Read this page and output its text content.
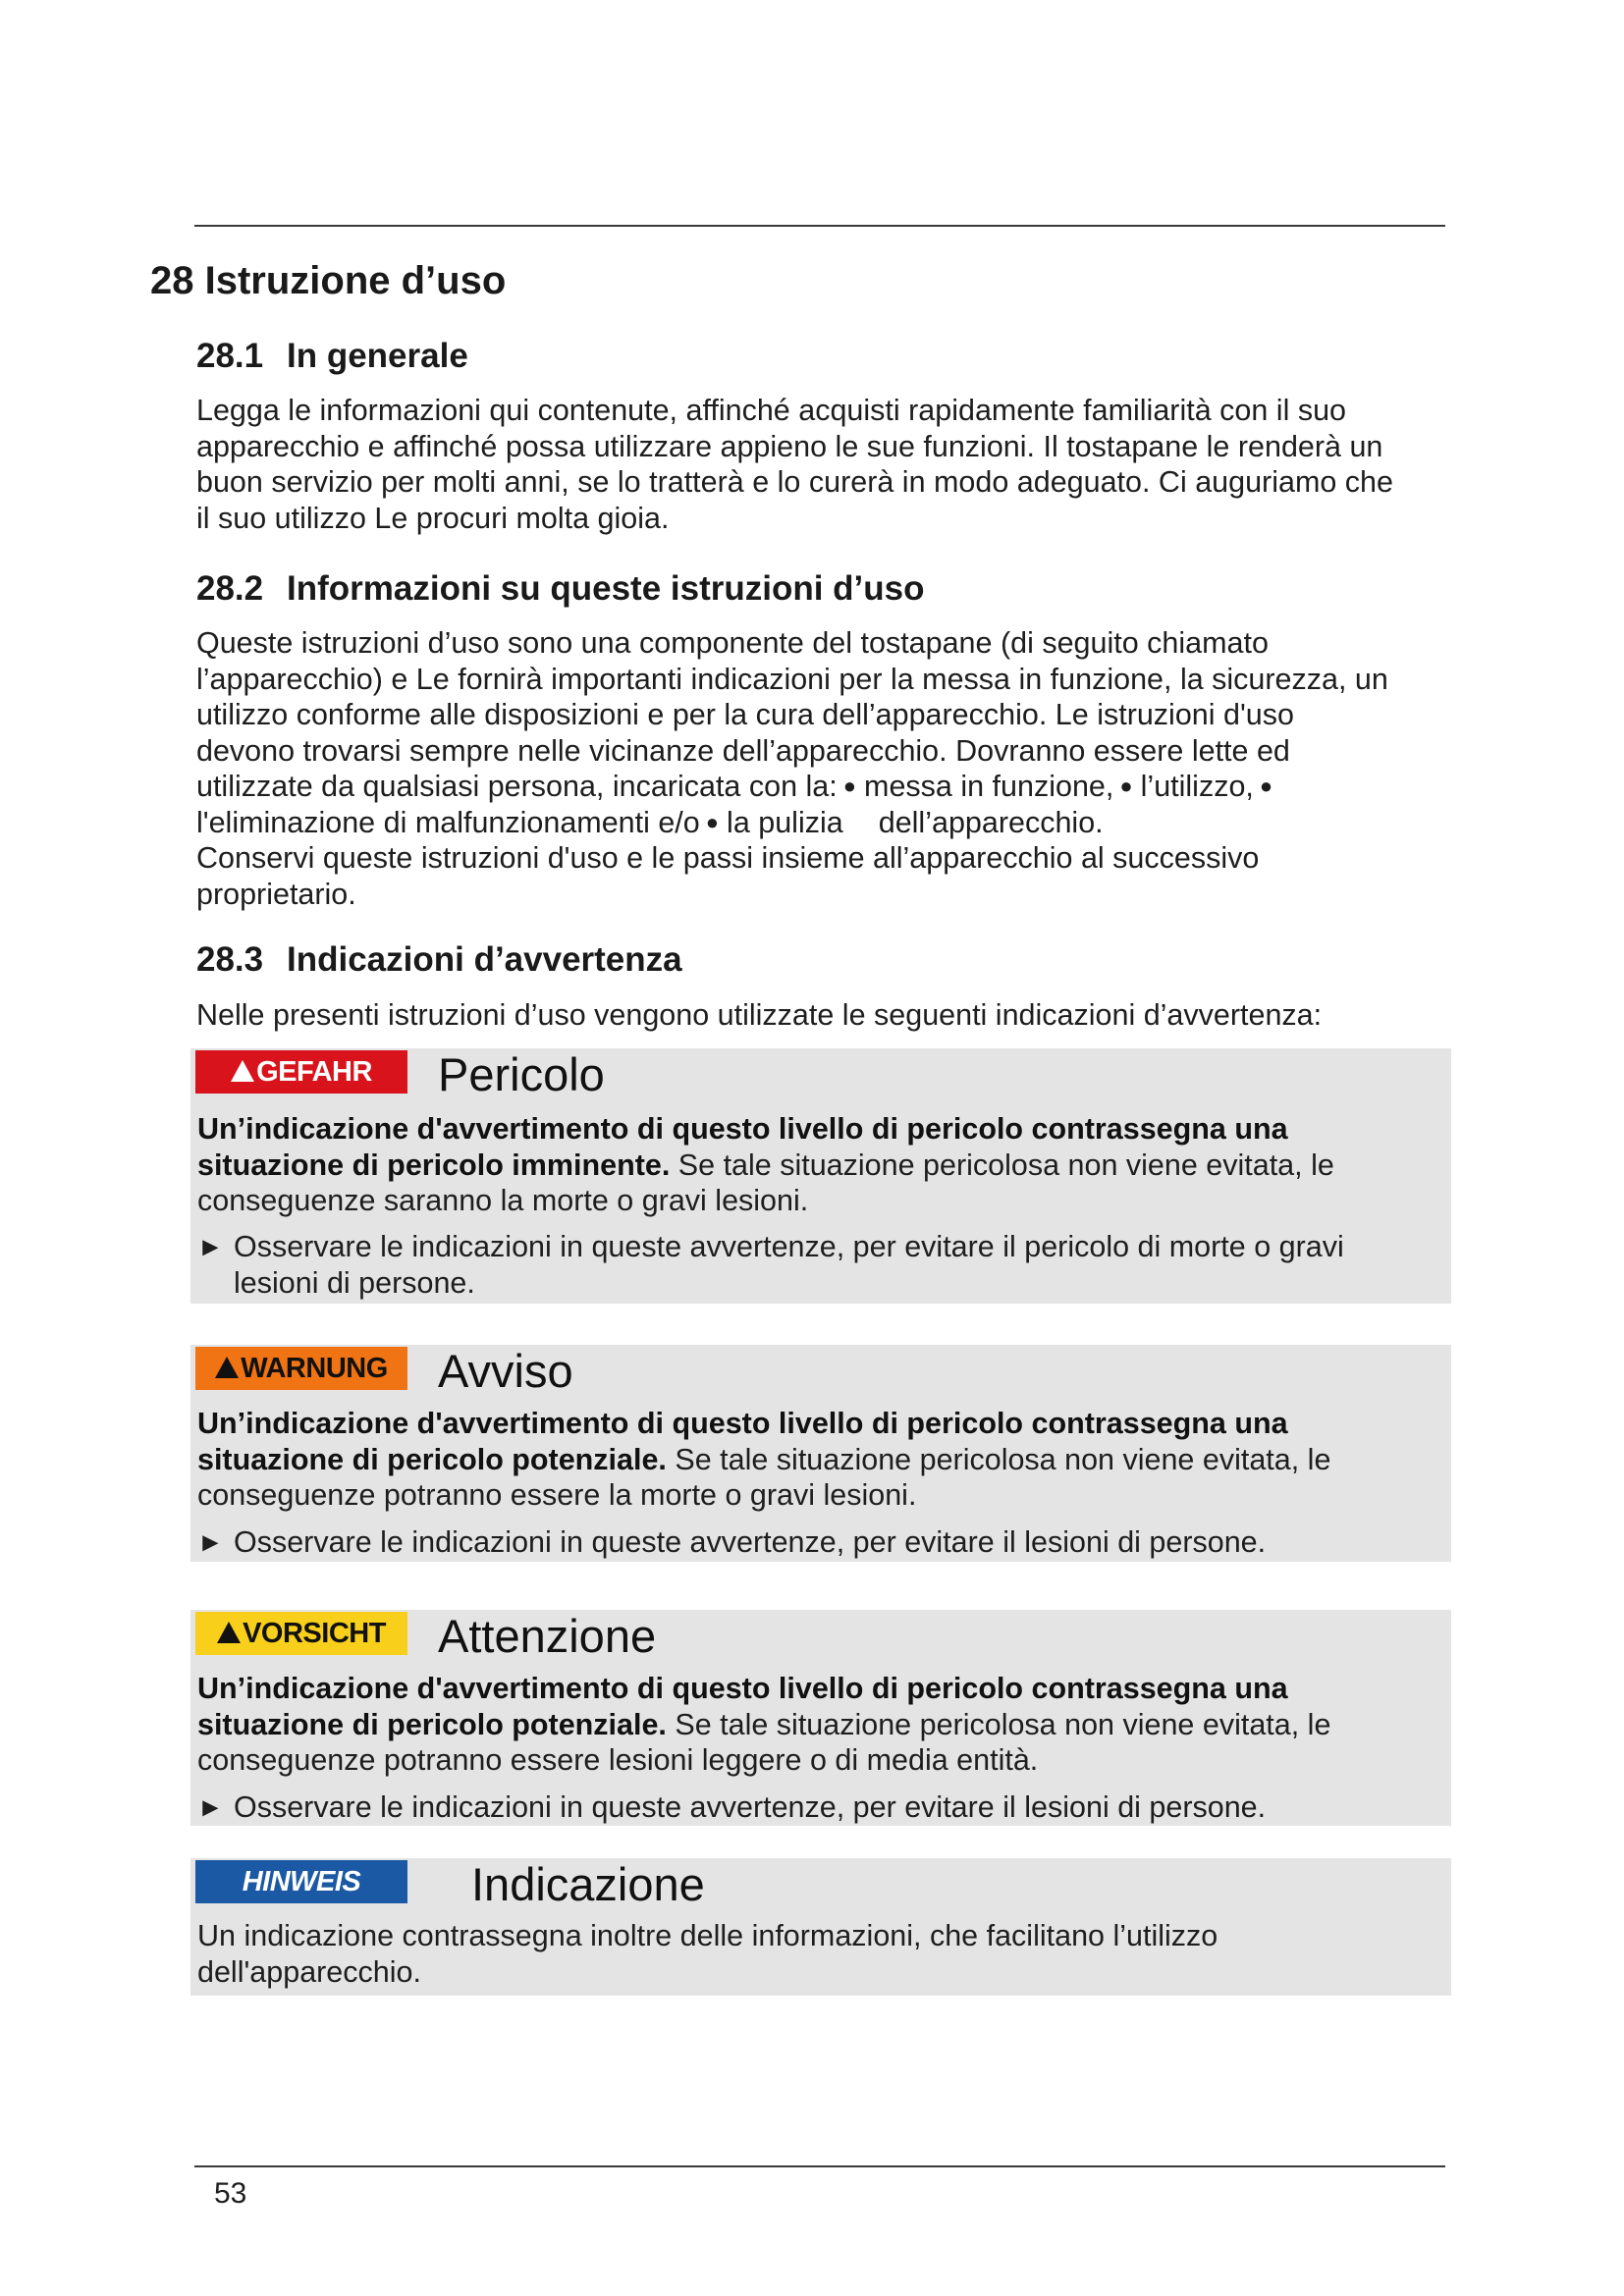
28 Istruzione d’uso
28.1 In generale

Legga le informazioni qui contenute, affinché acquisti rapidamente familiarità con il suo

apparecchio e affinché possa utilizzare appieno le sue funzioni. Il tostapane le renderà un

buon servizio per molti anni, se lo tratterà e lo curerà in modo adeguato. Ci auguriamo che

il suo utilizzo Le procuri molta gioia.

28.2 Informazioni su queste istruzioni d’uso

Queste istruzioni d’uso sono una componente del tostapane (di seguito chiamato

l’apparecchio) e Le fornirà importanti indicazioni per la messa in funzione, la sicurezza, un

utilizzo conforme alle disposizioni e per la cura dell’apparecchio. Le istruzioni d'uso

devono trovarsi sempre nelle vicinanze dell’apparecchio. Dovranno essere lette ed

utilizzate da qualsiasi persona, incaricata con la: ● messa in funzione, ● l’utilizzo, ●

l'eliminazione di malfunzionamenti e/o ● la pulizia dell’apparecchio.

Conservi queste istruzioni d'uso e le passi insieme all’apparecchio al successivo

proprietario.

28.3 Indicazioni d’avvertenza

Nelle presenti istruzioni d’uso vengono utilizzate le seguenti indicazioni d’avvertenza:

GEFAHR Pericolo
Un’indicazione d'avvertimento di questo livello di pericolo contrassegna una
situazione di pericolo imminente. Se tale situazione pericolosa non viene evitata, le
conseguenze saranno la morte o gravi lesioni.
► Osservare le indicazioni in queste avvertenze, per evitare il pericolo di morte o gravi
lesioni di persone.
WARNUNG Avviso
Un’indicazione d'avvertimento di questo livello di pericolo contrassegna una
situazione di pericolo potenziale. Se tale situazione pericolosa non viene evitata, le
conseguenze potranno essere la morte o gravi lesioni.
► Osservare le indicazioni in queste avvertenze, per evitare il lesioni di persone.
VORSICHT Attenzione
Un’indicazione d'avvertimento di questo livello di pericolo contrassegna una
situazione di pericolo potenziale. Se tale situazione pericolosa non viene evitata, le
conseguenze potranno essere lesioni leggere o di media entità.
► Osservare le indicazioni in queste avvertenze, per evitare il lesioni di persone.
HINWEIS Indicazione
Un indicazione contrassegna inoltre delle informazioni, che facilitano l’utilizzo
dell'apparecchio.
53
